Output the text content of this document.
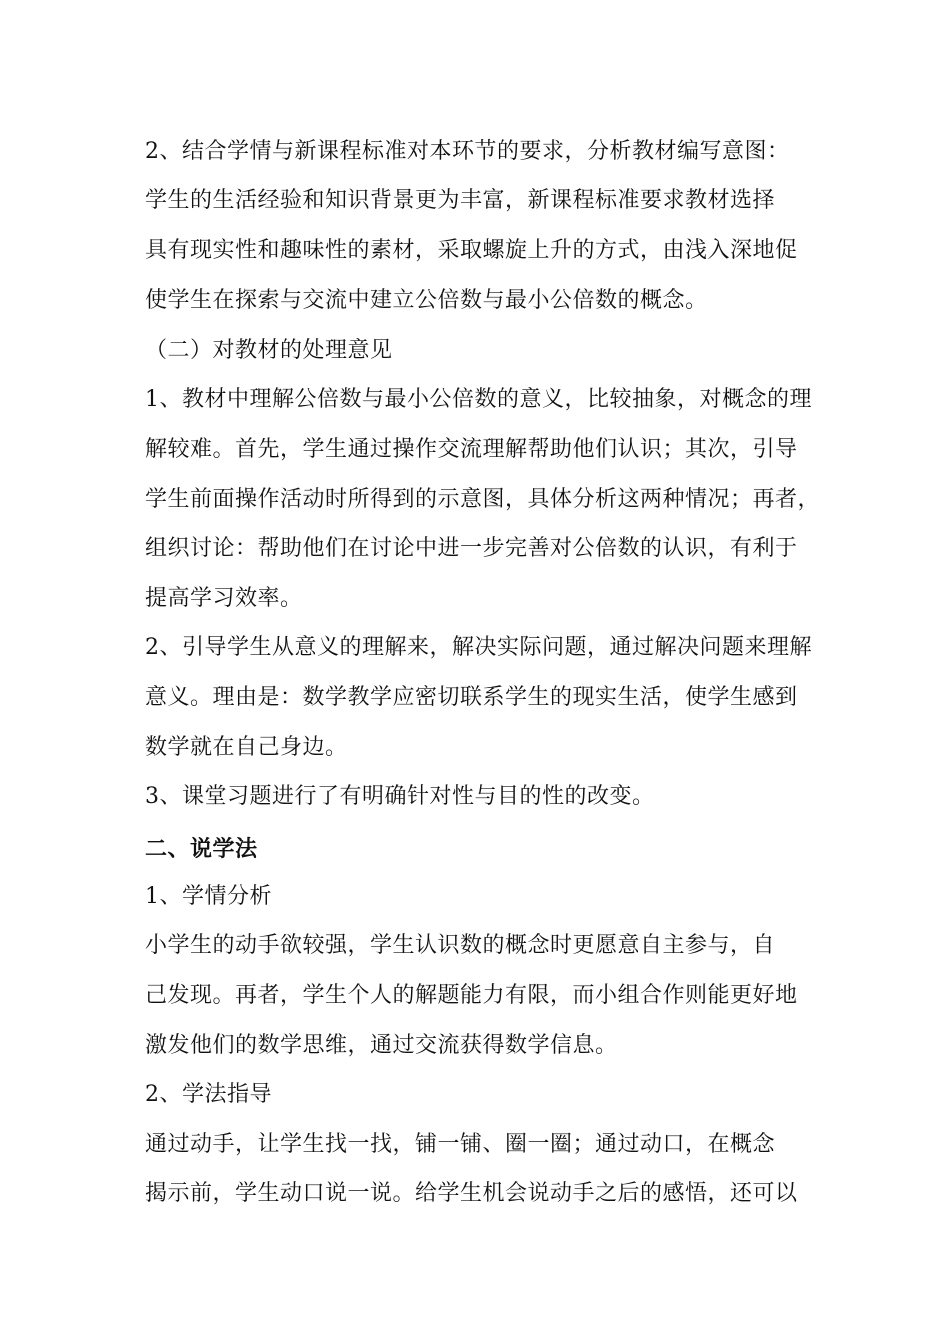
2、结合学情与新课程标准对本环节的要求，分析教材编写意图：
学生的生活经验和知识背景更为丰富，新课程标准要求教材选择
具有现实性和趣味性的素材，采取螺旋上升的方式，由浅入深地促
使学生在探索与交流中建立公倍数与最小公倍数的概念。
（二）对教材的处理意见
1、教材中理解公倍数与最小公倍数的意义，比较抽象，对概念的理
解较难。首先，学生通过操作交流理解帮助他们认识；其次，引导
学生前面操作活动时所得到的示意图，具体分析这两种情况；再者，
组织讨论：帮助他们在讨论中进一步完善对公倍数的认识，有利于
提高学习效率。
2、引导学生从意义的理解来，解决实际问题，通过解决问题来理解
意义。理由是：数学教学应密切联系学生的现实生活，使学生感到
数学就在自己身边。
3、课堂习题进行了有明确针对性与目的性的改变。
二、说学法
1、学情分析
小学生的动手欲较强，学生认识数的概念时更愿意自主参与，自
己发现。再者，学生个人的解题能力有限，而小组合作则能更好地
激发他们的数学思维，通过交流获得数学信息。
2、学法指导
通过动手，让学生找一找，铺一铺、圈一圈；通过动口，在概念
揭示前，学生动口说一说。给学生机会说动手之后的感悟，还可以
